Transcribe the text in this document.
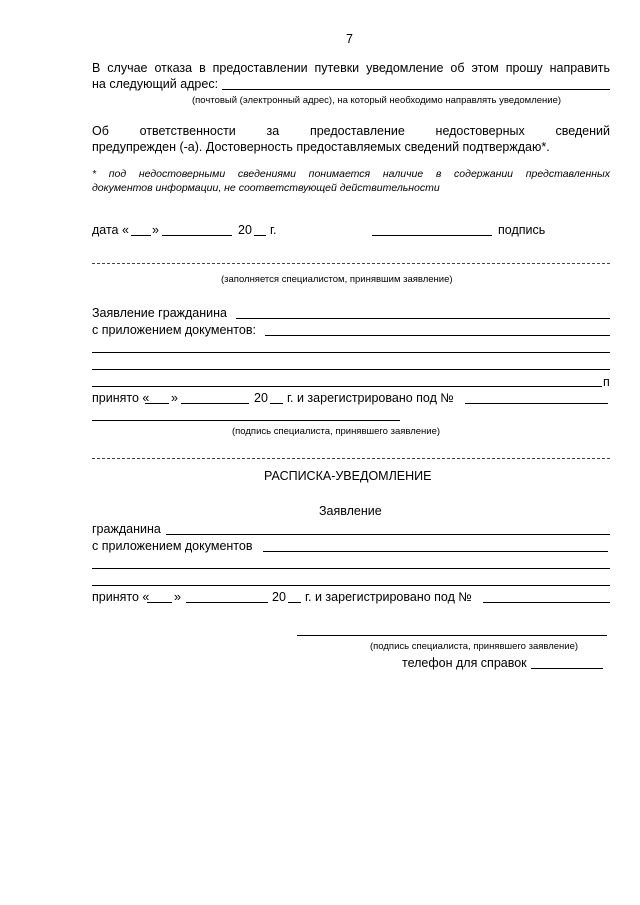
7
В случае отказа в предоставлении путевки уведомление об этом прошу направить
на следующий адрес:
(почтовый (электронный адрес), на который необходимо направлять уведомление)
Об ответственности за предоставление недостоверных сведений
предупрежден (-а). Достоверность предоставляемых сведений подтверждаю*.
* под недостоверными сведениями понимается наличие в содержании представленных
документов информации, не соответствующей действительности
дата « »	20 г.	подпись
(заполняется специалистом, принявшим заявление)
Заявление гражданина
с приложением документов:
п
принято « »	20 г. и зарегистрировано под №
(подпись специалиста, принявшего заявление)
РАСПИСКА-УВЕДОМЛЕНИЕ
Заявление
гражданина
с приложением документов
принято « »	20 г. и зарегистрировано под №
(подпись специалиста, принявшего заявление)
телефон для справок
